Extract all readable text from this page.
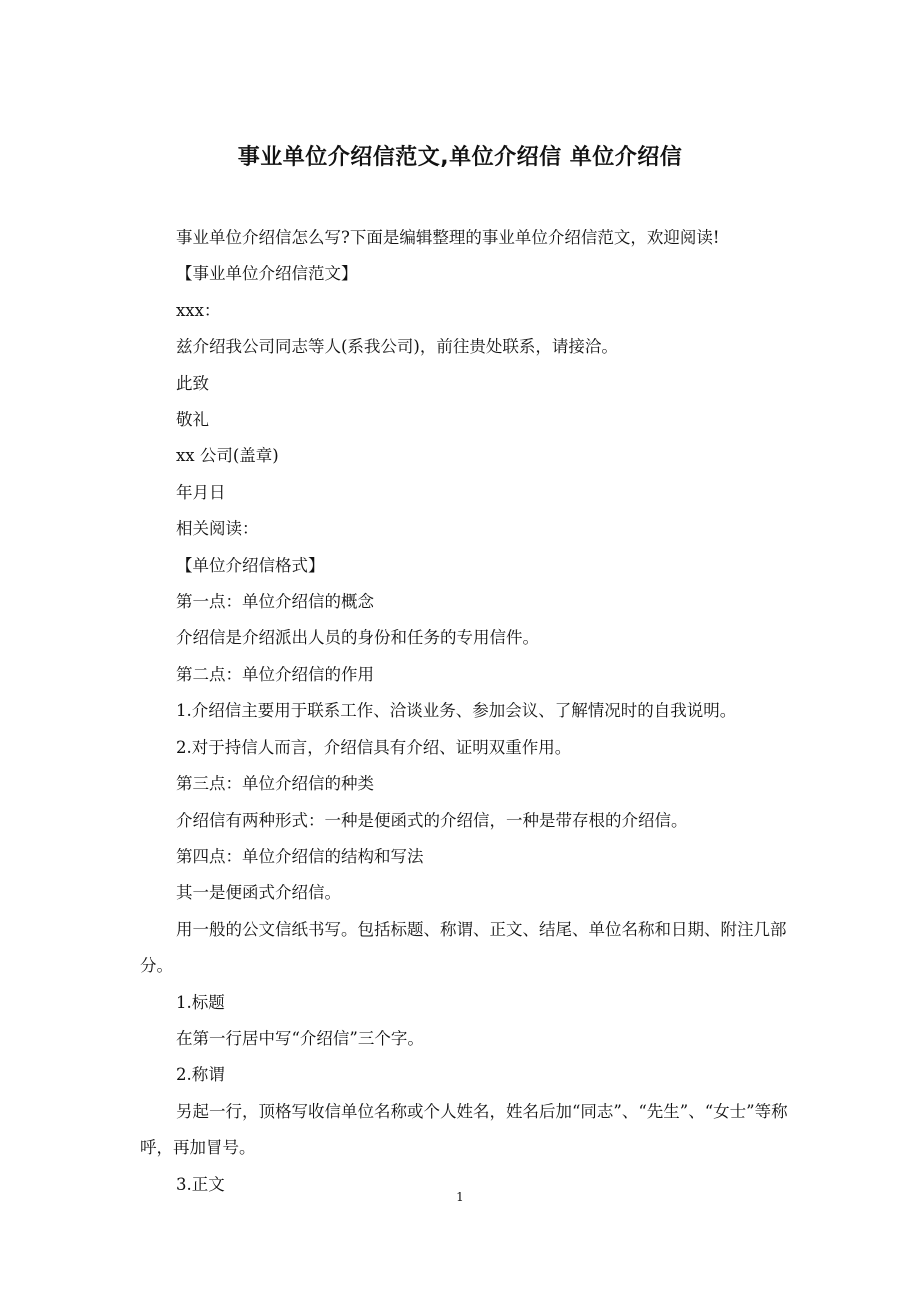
事业单位介绍信范文,单位介绍信 单位介绍信

事业单位介绍信怎么写?下面是编辑整理的事业单位介绍信范文，欢迎阅读!

【事业单位介绍信范文】

xxx：

兹介绍我公司同志等人(系我公司)，前往贵处联系，请接洽。

此致

敬礼

xx 公司(盖章)

年月日

相关阅读：

【单位介绍信格式】

第一点：单位介绍信的概念

介绍信是介绍派出人员的身份和任务的专用信件。

第二点：单位介绍信的作用

1.介绍信主要用于联系工作、洽谈业务、参加会议、了解情况时的自我说明。

2.对于持信人而言，介绍信具有介绍、证明双重作用。

第三点：单位介绍信的种类

介绍信有两种形式：一种是便函式的介绍信，一种是带存根的介绍信。

第四点：单位介绍信的结构和写法

其一是便函式介绍信。

用一般的公文信纸书写。包括标题、称谓、正文、结尾、单位名称和日期、附注几部分。

1.标题

在第一行居中写“介绍信”三个字。

2.称谓

另起一行，顶格写收信单位名称或个人姓名，姓名后加“同志”、“先生”、“女士”等称呼，再加冒号。

3.正文

1
